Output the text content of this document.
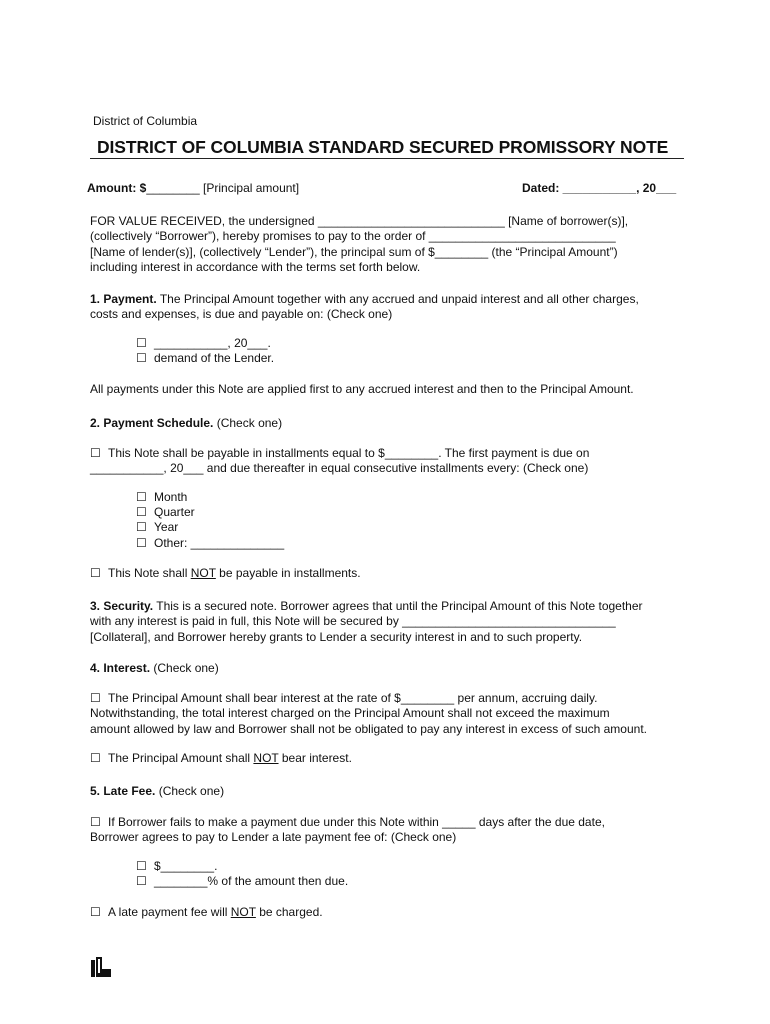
District of Columbia
DISTRICT OF COLUMBIA STANDARD SECURED PROMISSORY NOTE
Amount: $________ [Principal amount]	Dated: ___________, 20___
FOR VALUE RECEIVED, the undersigned ____________________________ [Name of borrower(s)],
(collectively “Borrower”), hereby promises to pay to the order of ____________________________
[Name of lender(s)], (collectively “Lender”), the principal sum of $________ (the “Principal Amount”)
including interest in accordance with the terms set forth below.
1. Payment. The Principal Amount together with any accrued and unpaid interest and all other charges,
costs and expenses, is due and payable on: (Check one)
☐ ___________, 20___.
☐ demand of the Lender.
All payments under this Note are applied first to any accrued interest and then to the Principal Amount.
2. Payment Schedule. (Check one)
☐ This Note shall be payable in installments equal to $________. The first payment is due on
___________, 20___ and due thereafter in equal consecutive installments every: (Check one)
☐ Month
☐ Quarter
☐ Year
☐ Other: ______________
☐ This Note shall NOT be payable in installments.
3. Security. This is a secured note. Borrower agrees that until the Principal Amount of this Note together
with any interest is paid in full, this Note will be secured by ________________________________
[Collateral], and Borrower hereby grants to Lender a security interest in and to such property.
4. Interest. (Check one)
☐ The Principal Amount shall bear interest at the rate of $________ per annum, accruing daily.
Notwithstanding, the total interest charged on the Principal Amount shall not exceed the maximum
amount allowed by law and Borrower shall not be obligated to pay any interest in excess of such amount.
☐ The Principal Amount shall NOT bear interest.
5. Late Fee. (Check one)
☐ If Borrower fails to make a payment due under this Note within _____ days after the due date,
Borrower agrees to pay to Lender a late payment fee of: (Check one)
☐ $________.
☐ ________% of the amount then due.
☐ A late payment fee will NOT be charged.
